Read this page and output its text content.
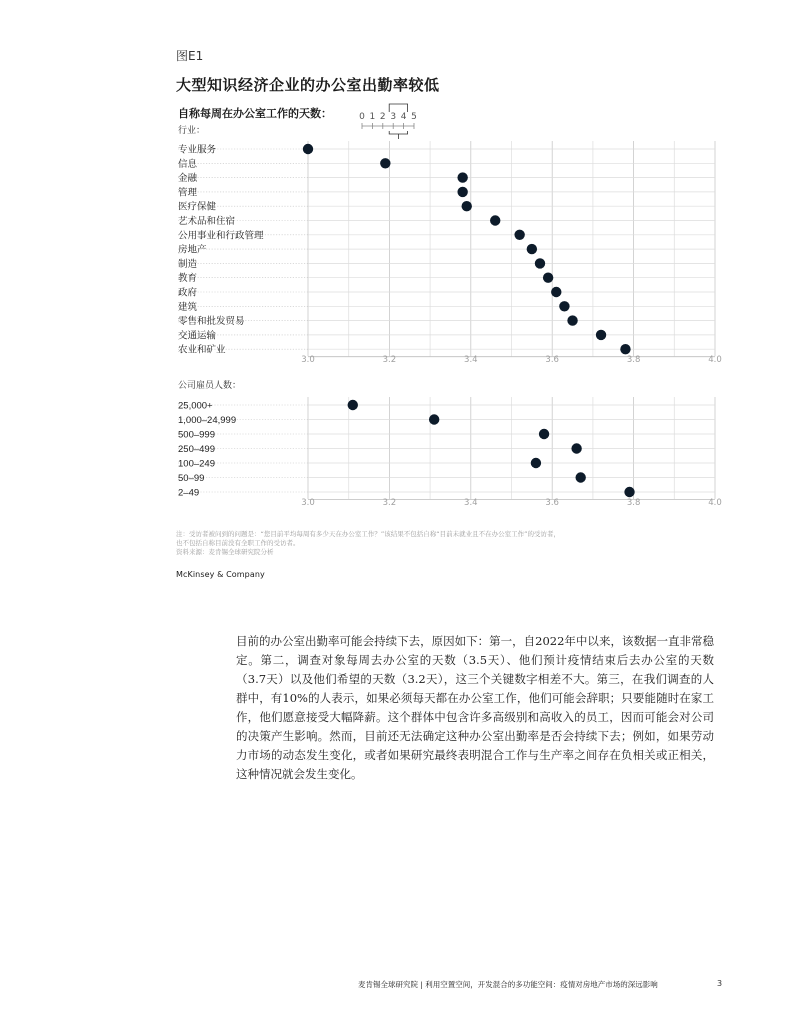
图E1
大型知识经济企业的办公室出勤率较低
自称每周在办公室工作的天数：	0 1 2 3 4 5
行业：
专业服务
信息
金融
管理
医疗保健
艺术品和住宿
公用事业和行政管理
房地产
制造
教育
政府
建筑
零售和批发贸易
交通运输
农业和矿业
3.0	3.2	3.4	3.6	3.8	4.0
公司雇员人数：
25,000+
1,000–24,999
500–999
250–499
100–249
50–99
2–49
3.0	3.2	3.4	3.6	3.8	4.0
注：受访者被问到的问题是：“您目前平均每周有多少天在办公室工作？”该结果不包括自称“目前未就业且不在办公室工作”的受访者，
也不包括自称目前没有全职工作的受访者。
资料来源：麦肯锡全球研究院分析
McKinsey & Company

目前的办公室出勤率可能会持续下去，原因如下：第一，自2022年中以来，该数据一直非常稳定。第二，调查对象每周去办公室的天数（3.5天）、他们预计疫情结束后去办公室的天数（3.7天）以及他们希望的天数（3.2天），这三个关键数字相差不大。第三，在我们调查的人群中，有10%的人表示，如果必须每天都在办公室工作，他们可能会辞职；只要能随时在家工作，他们愿意接受大幅降薪。这个群体中包含许多高级别和高收入的员工，因而可能会对公司的决策产生影响。然而，目前还无法确定这种办公室出勤率是否会持续下去；例如，如果劳动力市场的动态发生变化，或者如果研究最终表明混合工作与生产率之间存在负相关或正相关，这种情况就会发生变化。

麦肯锡全球研究院 | 利用空置空间，开发混合的多功能空间：疫情对房地产市场的深远影响	3
